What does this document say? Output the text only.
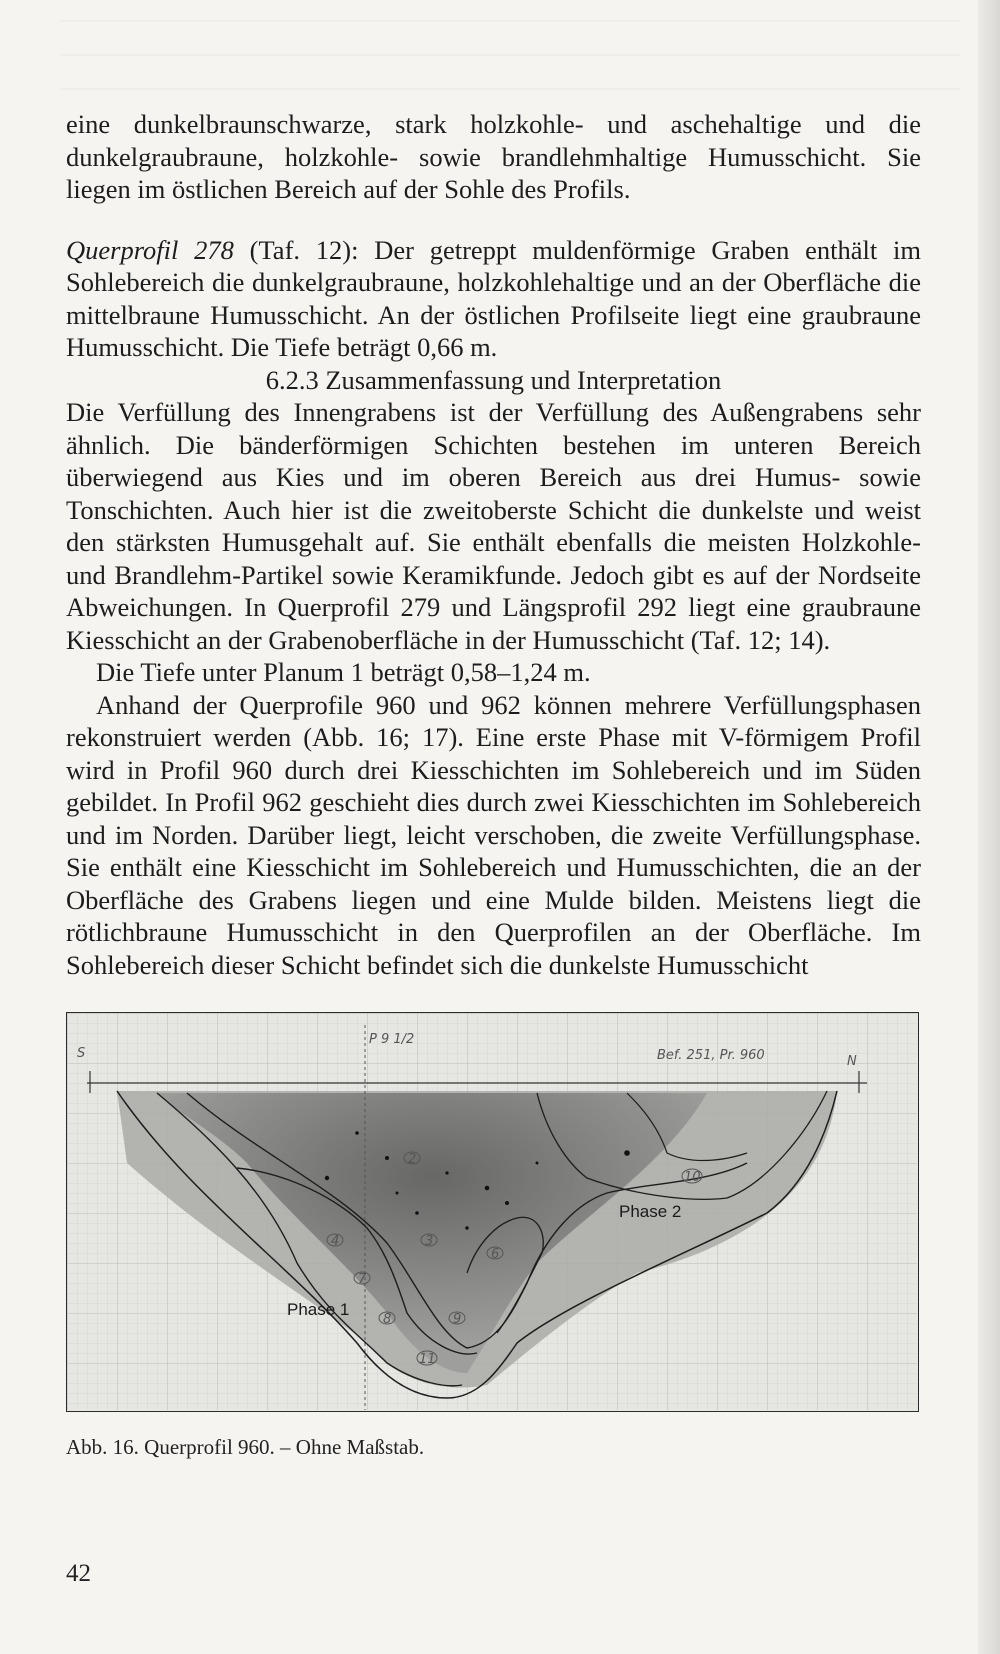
eine dunkelbraunschwarze, stark holzkohle- und aschehaltige und die dunkelgraubraune, holzkohle- sowie brandlehmhaltige Humusschicht. Sie liegen im östlichen Bereich auf der Sohle des Profils.

Querprofil 278 (Taf. 12): Der getreppt muldenförmige Graben enthält im Sohlebereich die dunkelgraubraune, holzkohlehaltige und an der Oberfläche die mittelbraune Humusschicht. An der östlichen Profilseite liegt eine graubraune Humusschicht. Die Tiefe beträgt 0,66 m.

6.2.3 Zusammenfassung und Interpretation

Die Verfüllung des Innengrabens ist der Verfüllung des Außengrabens sehr ähnlich. Die bänderförmigen Schichten bestehen im unteren Bereich überwiegend aus Kies und im oberen Bereich aus drei Humus- sowie Tonschichten. Auch hier ist die zweitoberste Schicht die dunkelste und weist den stärksten Humusgehalt auf. Sie enthält ebenfalls die meisten Holzkohle- und Brandlehm-Partikel sowie Keramikfunde. Jedoch gibt es auf der Nordseite Abweichungen. In Querprofil 279 und Längsprofil 292 liegt eine graubraune Kiesschicht an der Grabenoberfläche in der Humusschicht (Taf. 12; 14).

Die Tiefe unter Planum 1 beträgt 0,58–1,24 m.

Anhand der Querprofile 960 und 962 können mehrere Verfüllungsphasen rekonstruiert werden (Abb. 16; 17). Eine erste Phase mit V-förmigem Profil wird in Profil 960 durch drei Kiesschichten im Sohlebereich und im Süden gebildet. In Profil 962 geschieht dies durch zwei Kiesschichten im Sohlebereich und im Norden. Darüber liegt, leicht verschoben, die zweite Verfüllungsphase. Sie enthält eine Kiesschicht im Sohlebereich und Humusschichten, die an der Oberfläche des Grabens liegen und eine Mulde bilden. Meistens liegt die rötlichbraune Humusschicht in den Querprofilen an der Oberfläche. Im Sohlebereich dieser Schicht befindet sich die dunkelste Humusschicht

2
4	3
6
7
8	9
10
11
S
N
P 9 1/2
Bef. 251, Pr. 960
Phase 1
Phase 2
Abb. 16. Querprofil 960. – Ohne Maßstab.
42
